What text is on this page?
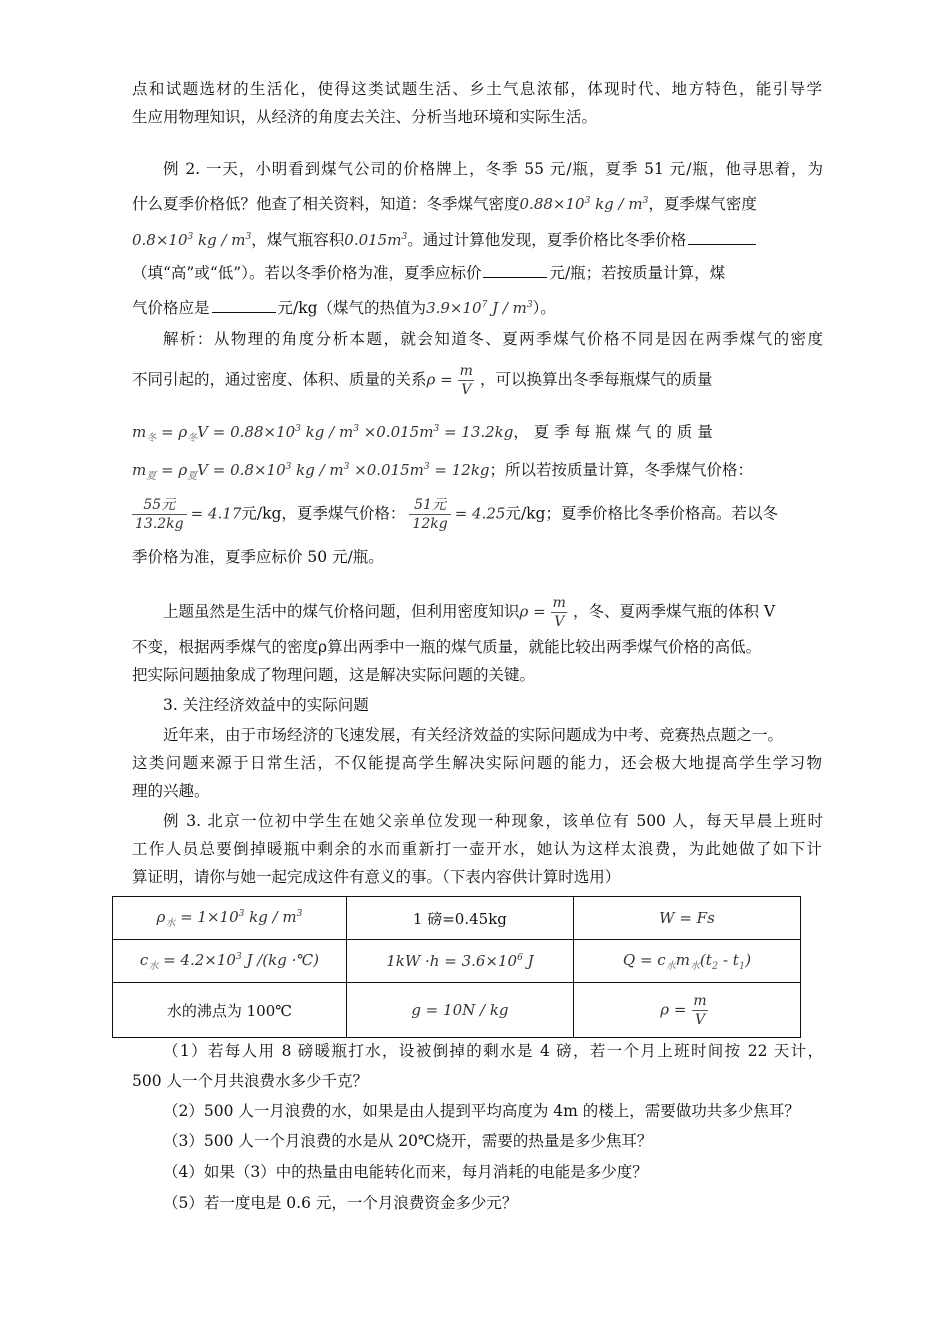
点和试题选材的生活化，使得这类试题生活、乡土气息浓郁，体现时代、地方特色，能引导学
生应用物理知识，从经济的角度去关注、分析当地环境和实际生活。
例 2. 一天，小明看到煤气公司的价格牌上，冬季 55 元/瓶，夏季 51 元/瓶，他寻思着，为
什么夏季价格低？他查了相关资料，知道：冬季煤气密度$0.88\times 10^3$ kg / $m^3$，夏季煤气密度
$0.8\times 10^3$ kg / $m^3$，煤气瓶容积$0.015m^3$。通过计算他发现，夏季价格比冬季价格
（填“高”或“低”）。若以冬季价格为准，夏季应标价	元/瓶；若按质量计算，煤
气价格应是	元/kg（煤气的热值为$3.9\times 10^7$ J / $m^3$）。
解析：从物理的角度分析本题，就会知道冬、夏两季煤气价格不同是因在两季煤气的密度
不同引起的，通过密度、体积、质量的关系$\rho = \frac{m}{V}$ ，可以换算出冬季每瓶煤气的质量
$m_冬 = \rho_冬V = 0.88\times 10^3$ kg / $m^3 \times 0.015m^3 = 13.2kg$， 夏 季 每 瓶 煤 气 的 质 量
$m_夏 = \rho_夏V = 0.8\times 10^3$ kg / $m^3 \times 0.015m^3 = 12kg$；所以若按质量计算，冬季煤气价格：
$\frac{\text{55元}}{13.2kg} = 4.17$元/kg，夏季煤气价格： $\frac{\text{51元}}{12kg} = 4.25$元/kg；夏季价格比冬季价格高。若以冬
季价格为准，夏季应标价 50 元/瓶。
上题虽然是生活中的煤气价格问题，但利用密度知识$\rho = \frac{m}{V}$ ，冬、夏两季煤气瓶的体积 V
不变，根据两季煤气的密度ρ算出两季中一瓶的煤气质量，就能比较出两季煤气价格的高低。
把实际问题抽象成了物理问题，这是解决实际问题的关键。
3. 关注经济效益中的实际问题
近年来，由于市场经济的飞速发展，有关经济效益的实际问题成为中考、竞赛热点题之一。
这类问题来源于日常生活，不仅能提高学生解决实际问题的能力，还会极大地提高学生学习物
理的兴趣。
例 3. 北京一位初中学生在她父亲单位发现一种现象，该单位有 500 人，每天早晨上班时
工作人员总要倒掉暖瓶中剩余的水而重新打一壶开水，她认为这样太浪费，为此她做了如下计
算证明，请你与她一起完成这件有意义的事。（下表内容供计算时选用）
$\rho_水 = 1\times 10^3$ kg / $m^3$	1 磅=0.45kg	W = Fs
$c_水 = 4.2\times 10^3$ J /(kg ·℃)	$1kW \cdot h = 3.6\times 10^6$ J	$Q = c_水m_水(t_2 - t_1)$
水的沸点为 100℃	g = 10N / kg	$\rho = \frac{m}{V}$
（1）若每人用 8 磅暖瓶打水，设被倒掉的剩水是 4 磅，若一个月上班时间按 22 天计，
500 人一个月共浪费水多少千克？
（2）500 人一月浪费的水，如果是由人提到平均高度为 4m 的楼上，需要做功共多少焦耳？
（3）500 人一个月浪费的水是从 20℃烧开，需要的热量是多少焦耳？
（4）如果（3）中的热量由电能转化而来，每月消耗的电能是多少度？
（5）若一度电是 0.6 元，一个月浪费资金多少元？
